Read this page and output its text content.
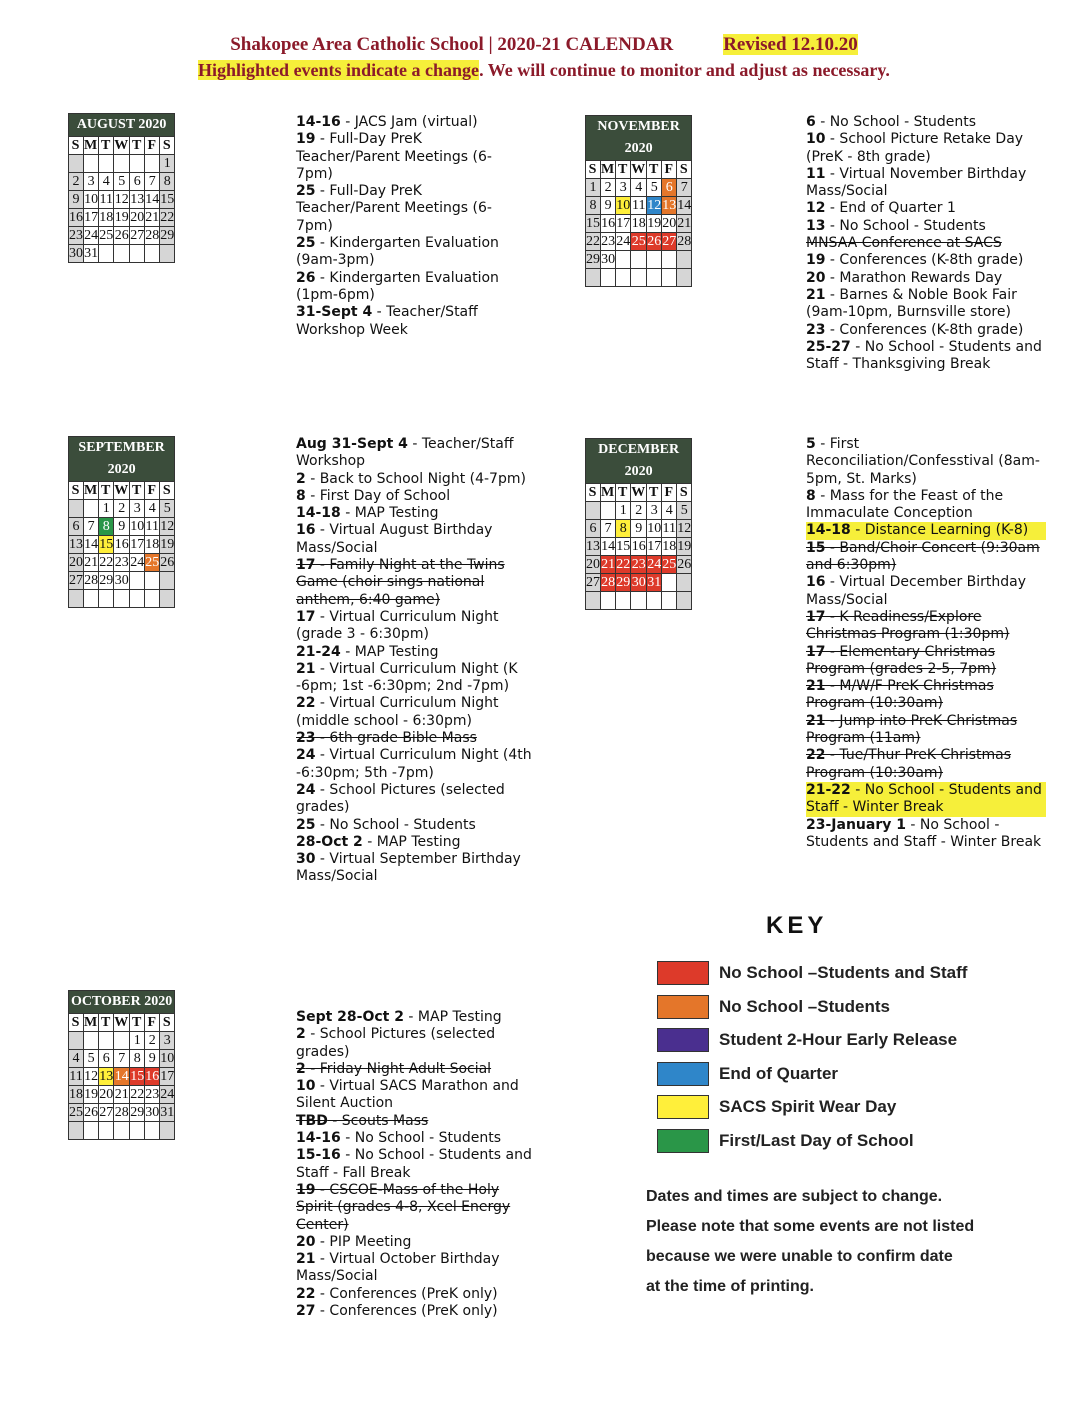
Shakopee Area Catholic School | 2020-21 CALENDAR	Revised 12.10.20
Highlighted events indicate a change. We will continue to monitor and adjust as necessary.
AUGUST 2020						
S	M	T	W	T	F	S
						1
2	3	4	5	6	7	8
9	10	11	12	13	14	15
16	17	18	19	20	21	22
23	24	25	26	27	28	29
30	31					
14-16 - JACS Jam (virtual)
19 - Full-Day PreK Teacher/Parent Meetings (6-7pm)
25 - Full-Day PreK Teacher/Parent Meetings (6-7pm)
25 - Kindergarten Evaluation (9am-3pm)
26 - Kindergarten Evaluation (1pm-6pm)
31-Sept 4 - Teacher/Staff Workshop Week
NOVEMBER 2020						
S	M	T	W	T	F	S
1	2	3	4	5	6	7
8	9	10	11	12	13	14
15	16	17	18	19	20	21
22	23	24	25	26	27	28
29	30					

6 - No School - Students
10 - School Picture Retake Day (PreK - 8th grade)
11 - Virtual November Birthday Mass/Social
12 - End of Quarter 1
13 - No School - Students
MNSAA Conference at SACS
19 - Conferences (K-8th grade)
20 - Marathon Rewards Day
21 - Barnes & Noble Book Fair (9am-10pm, Burnsville store)
23 - Conferences (K-8th grade)
25-27 - No School - Students and Staff - Thanksgiving Break
SEPTEMBER 2020						
S	M	T	W	T	F	S
		1	2	3	4	5
6	7	8	9	10	11	12
13	14	15	16	17	18	19
20	21	22	23	24	25	26
27	28	29	30			

Aug 31-Sept 4 - Teacher/Staff Workshop
2 - Back to School Night (4-7pm)
8 - First Day of School
14-18 - MAP Testing
16 - Virtual August Birthday Mass/Social
17 - Family Night at the Twins Game (choir sings national anthem, 6:40 game)
17 - Virtual Curriculum Night (grade 3 - 6:30pm)
21-24 - MAP Testing
21 - Virtual Curriculum Night (K -6pm; 1st -6:30pm; 2nd -7pm)
22 - Virtual Curriculum Night (middle school - 6:30pm)
23 - 6th grade Bible Mass
24 - Virtual Curriculum Night (4th -6:30pm; 5th -7pm)
24 - School Pictures (selected grades)
25 - No School - Students
28-Oct 2 - MAP Testing
30 - Virtual September Birthday Mass/Social
DECEMBER 2020						
S	M	T	W	T	F	S
		1	2	3	4	5
6	7	8	9	10	11	12
13	14	15	16	17	18	19
20	21	22	23	24	25	26
27	28	29	30	31		

5 - First Reconciliation/Confesstival (8am-5pm, St. Marks)
8 - Mass for the Feast of the Immaculate Conception
14-18 - Distance Learning (K-8)
15 - Band/Choir Concert (9:30am and 6:30pm)
16 - Virtual December Birthday Mass/Social
17 - K Readiness/Explore Christmas Program (1:30pm)
17 - Elementary Christmas Program (grades 2-5, 7pm)
21 - M/W/F PreK Christmas Program (10:30am)
21 - Jump into PreK Christmas Program (11am)
22 - Tue/Thur PreK Christmas Program (10:30am)
21-22 - No School - Students and Staff - Winter Break
23-January 1 - No School - Students and Staff - Winter Break
OCTOBER 2020						
S	M	T	W	T	F	S
				1	2	3
4	5	6	7	8	9	10
11	12	13	14	15	16	17
18	19	20	21	22	23	24
25	26	27	28	29	30	31

Sept 28-Oct 2 - MAP Testing
2 - School Pictures (selected grades)
2 - Friday Night Adult Social
10 - Virtual SACS Marathon and Silent Auction
TBD - Scouts Mass
14-16 - No School - Students
15-16 - No School - Students and Staff - Fall Break
19 - CSCOE-Mass of the Holy Spirit (grades 4-8, Xcel Energy Center)
20 - PIP Meeting
21 - Virtual October Birthday Mass/Social
22 - Conferences (PreK only)
27 - Conferences (PreK only)
KEY
No School –Students and Staff
No School –Students
Student 2-Hour Early Release
End of Quarter
SACS Spirit Wear Day
First/Last Day of School
Dates and times are subject to change.
Please note that some events are not listed
because we were unable to confirm date
at the time of printing.
